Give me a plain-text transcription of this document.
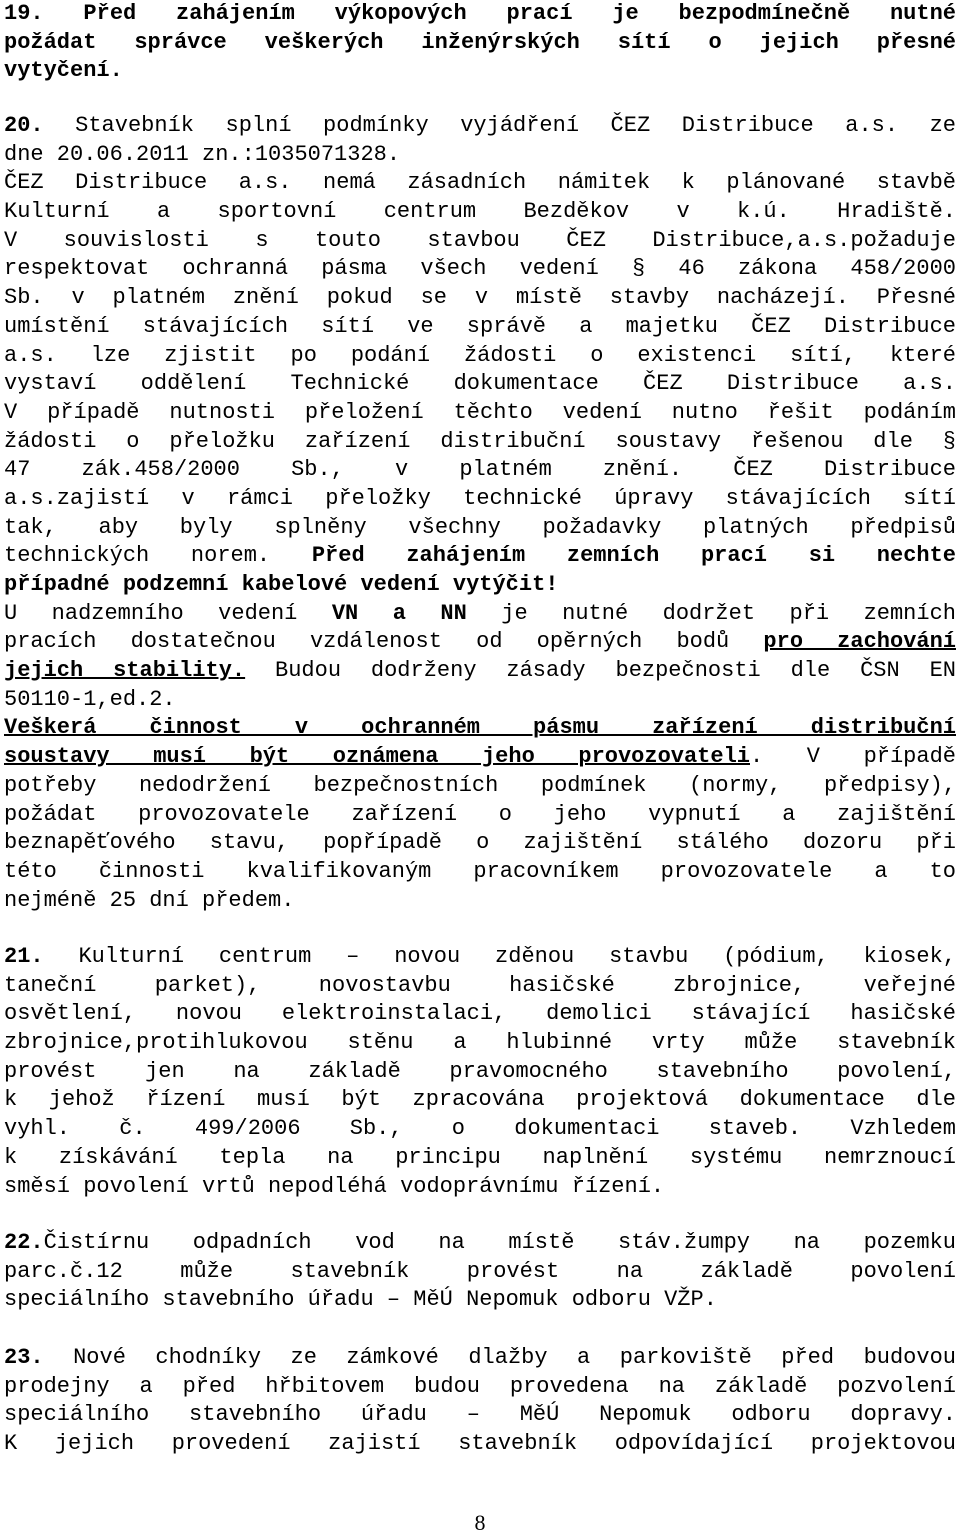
19. Před zahájením výkopových prací je bezpodmínečně nutné
požádat správce veškerých inženýrských sítí o jejich přesné
vytyčení.
20. Stavebník splní podmínky vyjádření ČEZ Distribuce a.s. ze
dne 20.06.2011 zn.:1035071328.
ČEZ Distribuce a.s. nemá zásadních námitek k plánované stavbě
Kulturní a sportovní centrum Bezděkov v k.ú. Hradiště.
V souvislosti s touto stavbou ČEZ Distribuce,a.s.požaduje
respektovat ochranná pásma všech vedení § 46 zákona 458/2000
Sb. v platném znění pokud se v místě stavby nacházejí. Přesné
umístění stávajících sítí ve správě a majetku ČEZ Distribuce
a.s. lze zjistit po podání žádosti o existenci sítí, které
vystaví oddělení Technické dokumentace ČEZ Distribuce a.s.
V případě nutnosti přeložení těchto vedení nutno řešit podáním
žádosti o přeložku zařízení distribuční soustavy řešenou dle §
47 zák.458/2000 Sb., v platném znění. ČEZ Distribuce
a.s.zajistí v rámci přeložky technické úpravy stávajících sítí
tak, aby byly splněny všechny požadavky platných předpisů
technických norem. Před zahájením zemních prací si nechte
případné podzemní kabelové vedení vytýčit!
U nadzemního vedení VN a NN je nutné dodržet při zemních
pracích dostatečnou vzdálenost od opěrných bodů pro zachování
jejich stability. Budou dodrženy zásady bezpečnosti dle ČSN EN
50110-1,ed.2.
Veškerá činnost v ochranném pásmu zařízení distribuční
soustavy musí být oznámena jeho provozovateli. V případě
potřeby nedodržení bezpečnostních podmínek (normy, předpisy),
požádat provozovatele zařízení o jeho vypnutí a zajištění
beznapěťového stavu, popřípadě o zajištění stálého dozoru při
této činnosti kvalifikovaným pracovníkem provozovatele a to
nejméně 25 dní předem.
21. Kulturní centrum – novou zděnou stavbu (pódium, kiosek,
taneční parket), novostavbu hasičské zbrojnice, veřejné
osvětlení, novou elektroinstalaci, demolici stávající hasičské
zbrojnice,protihlukovou stěnu a hlubinné vrty může stavebník
provést jen na základě pravomocného stavebního povolení,
k jehož řízení musí být zpracována projektová dokumentace dle
vyhl. č. 499/2006 Sb., o dokumentaci staveb. Vzhledem
k získávání tepla na principu naplnění systému nemrznoucí
směsí povolení vrtů nepodléhá vodoprávnímu řízení.
22.Čistírnu odpadních vod na místě stáv.žumpy na pozemku
parc.č.12 může stavebník provést na základě povolení
speciálního stavebního úřadu – MěÚ Nepomuk odboru VŽP.
23. Nové chodníky ze zámkové dlažby a parkoviště před budovou
prodejny a před hřbitovem budou provedena na základě pozvolení
speciálního stavebního úřadu – MěÚ Nepomuk odboru dopravy.
K jejich provedení zajistí stavebník odpovídající projektovou
8
